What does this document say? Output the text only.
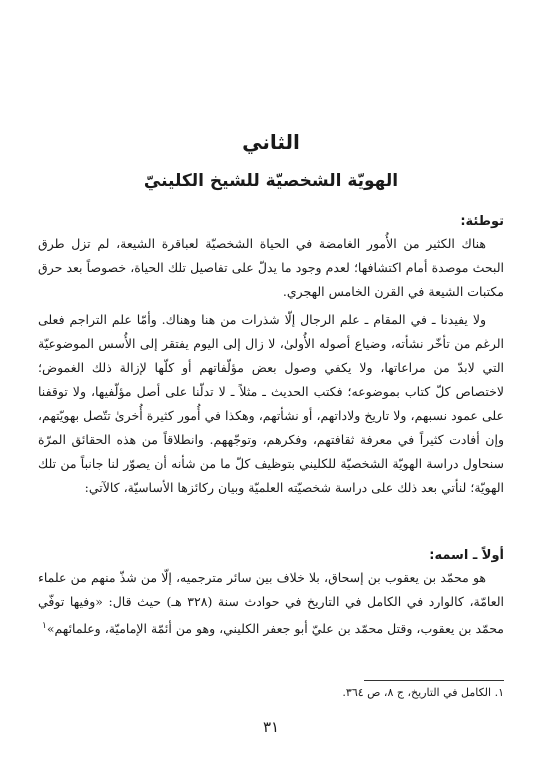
الثاني
الهويّة الشخصيّة للشيخ الكلينيّ
توطئة:
هناك الكثير من الأُمور الغامضة في الحياة الشخصيّة لعباقرة الشيعة، لم تزل طرق البحث موصدة أمام اكتشافها؛ لعدم وجود ما يدلّ على تفاصيل تلك الحياة، خصوصاً بعد حرق مكتبات الشيعة في القرن الخامس الهجري.
ولا يفيدنا ـ في المقام ـ علم الرجال إلّا شذرات من هنا وهناك. وأمّا علم التراجم فعلى الرغم من تأخّر نشأته، وضياع أصوله الأُولىٰ، لا زال إلى اليوم يفتقر إلى الأُسس الموضوعيّة التي لابدّ من مراعاتها، ولا يكفي وصول بعض مؤلّفاتهم أو كلّها لإزالة ذلك الغموض؛ لاختصاص كلّ كتاب بموضوعه؛ فكتب الحديث ـ مثلاً ـ لا تدلّنا على أصل مؤلّفيها، ولا توقفنا على عمود نسبهم، ولا تاريخ ولاداتهم، أو نشأتهم، وهكذا في أُمور كثيرة أُخرىٰ تتّصل بهويّتهم، وإن أفادت كثيراً في معرفة ثقافتهم، وفكرهم، وتوجّههم. وانطلاقاً من هذه الحقائق المرّة سنحاول دراسة الهويّة الشخصيّة للكليني بتوظيف كلّ ما من شأنه أن يصوّر لنا جانباً من تلك الهويّة؛ لنأتي بعد ذلك على دراسة شخصيّته العلميّة وبيان ركائزها الأساسيّة، كالآتي:
أولاً ـ اسمه:
هو محمّد بن يعقوب بن إسحاق، بلا خلاف بين سائر مترجميه، إلّا من شذّ منهم من علماء العامّة، كالوارد في الكامل في التاريخ في حوادث سنة (٣٢٨ هـ) حيث قال: «وفيها توفّي محمّد بن يعقوب، وقتل محمّد بن عليّ أبو جعفر الكليني، وهو من أئمّة الإماميّة، وعلمائهم»$^١$
١. الكامل في التاريخ، ج ٨، ص ٣٦٤.
٣١
